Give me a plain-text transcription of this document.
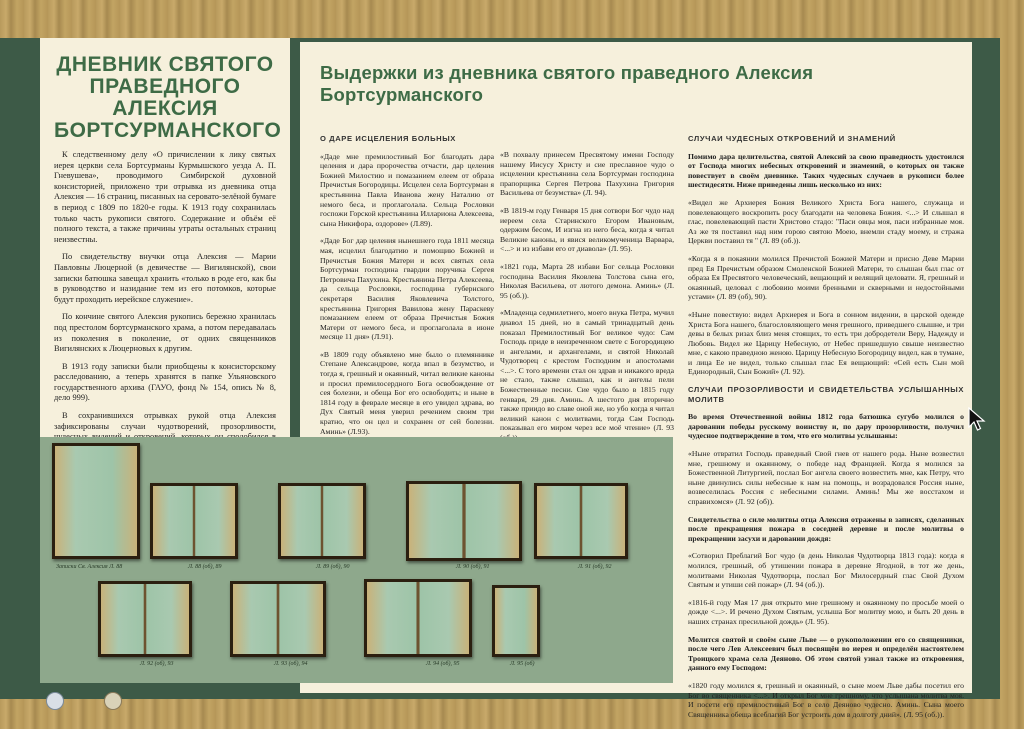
ДНЕВНИК СВЯТОГО ПРАВЕДНОГО АЛЕКСИЯ БОРТСУРМАНСКОГО

К следственному делу «О причислении к лику святых иерея церкви села Бортсурманы Курмышского уезда А. П. Гневушева», проводимого Симбирской духовной консисторией, приложено три отрывка из дневника отца Алексия — 16 страниц, писанных на серовато-зелёной бумаге в период с 1809 по 1820-е годы. К 1913 году сохранилась только часть рукописи святого. Содержание и объём её полного текста, а также причины утраты остальных страниц неизвестны.

По свидетельству внучки отца Алексия — Марии Павловны Люцерной (в девичестве — Вигилянской), свои записки батюшка завещал хранить «только в роде его, как бы в руководство и назидание тем из его потомков, которые будут проходить иерейское служение».

По кончине святого Алексия рукопись бережно хранилась под престолом бортсурманского храма, а потом передавалась из поколения в поколение, от одних священников Вигилянских к Люцерновых к другим.

В 1913 году записки были приобщены к консисторскому расследованию, а теперь хранятся в папке Ульяновского государственного архива (ГАУО, фонд № 154, опись № 8, дело 999).

В сохранившихся отрывках рукой отца Алексия зафиксированы случаи чудотворений, прозорливости,

Выдержки из дневника святого праведного Алексия Бортсурманского
О ДАРЕ ИСЦЕЛЕНИЯ БОЛЬНЫХ

«Даде мне премилостивый Бог благодать дара целения и дара пророчества отчасти, дар целения Божией Милостию и помазанием елеем от образа Пречистыя Богородицы. Исцелен села Бортсурман я крестьянина Павла Иванова жену Наталию от немого беса, и проглаголала. Сельца Рословки госпожи Горской крестьянина Иллариона Алексеева, сына Никифора, оздорове» (Л.89).

«Даде Бог дар целения нынешнего года 1811 месяца мая, исцелил благодатию и помощию Божией и Пречистыя Божия Матери и всех святых села Бортсурман господина гвардии поручика Сергея Петровича Пахухина. Крестьянина Петра Алексеева, да сельца Рословки, господина губернского секретаря Василия Яковлевича Толстого, крестьянина Григория Вавилова жену Параскеву помазанием елеем от образа Пречистыя Божия Матери от немого беса, и проглаголала в июне месяце 11 дня» (Л.91).

«В 1809 году объявлено мне было о племяннике Степане Александрове, когда впал в безумство, и тогда я, грешный и окаянный, читал великие каноны и просил премилосердного Бога освобождение от сея болезни, и обеща Бог его освободить; и ныне в 1814 году в феврале месяце в его увидел здрава, во Дух Святый меня уверил речением своим три кратно, что он цел и сохранен от сей болезни. Аминь» (Л.93).

«В похвалу принесем Пресвятому имени Господу нашему Иисусу Христу и сие преславное чудо о исцелении крестьянина села Бортсурман господина прапорщика Сергея Петрова Пахухина Григория Васильева от безумства» (Л. 94).

«В 1819-м году Генваря 15 дня сотвори Бог чудо над иереем села Старинского Егором Ивановым, одержим бесом, И изгна из него беса, когда я читал Великие каноны, и явися великомученица Варвара, <...> и из избави его от диавола» (Л. 95).

«1821 года, Марта 28 избави Бог сельца Рословки господина Василия Яковлева Толстова сына его, Николая Васильева, от лютого демона. Аминь» (Л. 95 (об.)).

«Младенца седмилетнего, моего внука Петра, мучил диавол 15 дней, но в самый тринадцатый день показал Премилостивый Бог великое чудо: Сам Господь приде в неизреченном свете с Богородицею и ангелами, и архангелами, и святой Николай Чудотворец с крестом Господним и апостолами <...>. С того времени стал он здрав и никакого вреда не стало, также слышал, как и ангелы пели Божественные песни. Сие чудо было в 1815 году генваря, 29 дня. Аминь. А шестого дня вторично также приидо во славе оной же, но убо когда я читал великий канон с молитвами, тогда Сам Господь показывал его миром через все моё чтение» (Л. 93

СЛУЧАИ ЧУДЕСНЫХ ОТКРОВЕНИЙ И ЗНАМЕНИЙ

Помимо дара целительства, святой Алексий за свою праведность удостоился от Господа многих небесных откровений и знамений, о которых он также повествует в своём дневнике. Таких чудесных случаев в рукописи более шестидесяти. Ниже приведены лишь несколько из них:

«Видел же Архиерея Божия Великого Христа Бога нашего, служаща и повелевающего воскропить росу благодати на человека Божия. <...> И слышал я глас, повелевающий пасти Христово стадо: "Паси овцы моя, паси избранные моя. Аз же тя поставил над ним горою святою Моею, внемли стаду моему, и стража Церкви поставил тя " (Л. 89 (об.)).

«Когда я в покаянии молился Пречистой Божией Матери и присно Деве Марии пред Ея Пречистым образом Смоленской Божией Матери, то слышан был глас от образа Ея Пресвятого человеческий, вещающий и велящий целовати. Я, грешный и окаянный, целовал с любовию моими бренными и скверными и недостойными устами» (Л. 89 (об), 90).

«Ныне повествую: видел Архиерея и Бога в сонном видении, в царской одежде Христа Бога нашего, благословляющего меня грешного, приведшего слышне, и три девы в белых ризах близ меня стоящих, то есть три добродетели Веру, Надежду и Любовь. Видел же Царицу Небесную, от Небес пришедшую свыше неизвестно мне, с какою праведною женою. Царицу Небесную Богородицу видел, как в тумане, и лица Ее не видел, только слышал глас Ея вещающий: «Сей есть Сын мой Единородный, Сын Божий» (Л. 92).

СЛУЧАИ ПРОЗОРЛИВОСТИ И СВИДЕТЕЛЬСТВА УСЛЫШАННЫХ МОЛИТВ

Во время Отечественной войны 1812 года батюшка сугубо молился о даровании победы русскому воинству и, по дару прозорливости, получил чудесное подтверждение в том, что его молитвы услышаны:

«Ныне отвратил Господь праведный Свой гнев от нашего рода. Ныне возвестил мне, грешному и окаянному, о победе над Францией. Когда я молился за Божественной Литургией, послал Бог ангела своего возвестить мне, как Петру, что ныне двинулись силы небесные к нам на помощь, и возрадовался Россия ныне, возвеселилась Россия с небесными силами. Аминь! Мы же восстахом и справихомся» (Л. 92 (об)).

Свидетельства о силе молитвы отца Алексия отражены в записях, сделанных после прекращения пожара в соседней деревне и после молитвы о прекращении засухи и даровании дождя:

«Сотворил Преблагий Бог чудо (в день Николая Чудотворца 1813 года): когда я молился, грешный, об утишении пожара в деревне Ягодной, в тот же день, молитвами Николая Чудотворца, послал Бог Милосердный глас Свой Духом Святым и утиши сей пожар» (Л. 94 (об.)).

«1816-й году Мая 17 дня открыто мне грешному и окаянному по просьбе моей о дожде <...>. И речено Духом Святым, услыша Бог молитву мою, и быть 20 день в наших странах пресильной дождь» (Л. 95).

Молится святой и своём сыне Льве — о рукоположении его со священники, после чего Лев Алексеевич был посвящён во иерея и определён настоятелем Троицкого храма села Деяново. Об этом святой узнал также из откровения, данного ему Господом:

«1820 году молился я, грешный и окаянный, о сыне моем Льве дабы посетил его Бог во священника <...>. И открыл Бог мне грешному, что услышана молитва моя. И посети его премилостивый Бог в село Деяново чудесно. Аминь. Сына моего Священника обеща всеблагий Бог устроить дом в долготу дний». (Л. 95 (об.)).

Записки Св. Алексия Л. 88	Л. 88 (об), 89	Л. 89 (об), 90	Л. 90 (об), 91	Л. 91 (об), 92
Л. 92 (об), 93	Л. 93 (об), 94	Л. 94 (об), 95	Л. 95 (об)
